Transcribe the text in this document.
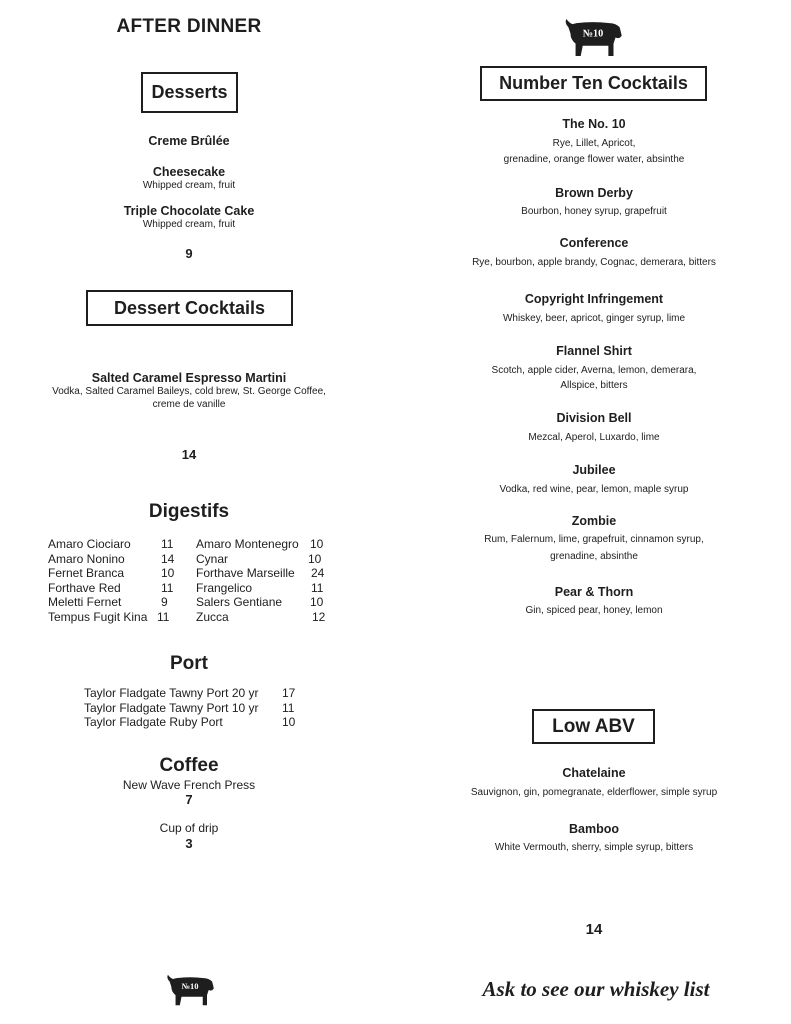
AFTER DINNER
Desserts
Creme Brûlée
Cheesecake
Whipped cream, fruit
Triple Chocolate Cake
Whipped cream, fruit
9
Dessert Cocktails
Salted Caramel Espresso Martini
Vodka, Salted Caramel Baileys, cold brew, St. George Coffee,
creme de vanille
14
Digestifs
Amaro Ciociaro	11
Amaro Nonino	14
Fernet Branca	10
Forthave Red	11
Meletti Fernet	9
Tempus Fugit Kina 11
Amaro Montenegro 10
Cynar	10
Forthave Marseille 24
Frangelico	11
Salers Gentiane 10
Zucca	12
Port
Taylor Fladgate Tawny Port 20 yr 17
Taylor Fladgate Tawny Port 10 yr 11
Taylor Fladgate Ruby Port	10
Coffee
New Wave French Press
7
Cup of drip
3
№10
№10
Number Ten Cocktails
The No. 10
Rye, Lillet, Apricot,
grenadine, orange flower water, absinthe
Brown Derby
Bourbon, honey syrup, grapefruit
Conference
Rye, bourbon, apple brandy, Cognac, demerara, bitters
Copyright Infringement
Whiskey, beer, apricot, ginger syrup, lime
Flannel Shirt
Scotch, apple cider, Averna, lemon, demerara,
Allspice, bitters
Division Bell
Mezcal, Aperol, Luxardo, lime
Jubilee
Vodka, red wine, pear, lemon, maple syrup
Zombie
Rum, Falernum, lime, grapefruit, cinnamon syrup,
grenadine, absinthe
Pear & Thorn
Gin, spiced pear, honey, lemon
Low ABV
Chatelaine
Sauvignon, gin, pomegranate, elderflower, simple syrup
Bamboo
White Vermouth, sherry, simple syrup, bitters
14
Ask to see our whiskey list
